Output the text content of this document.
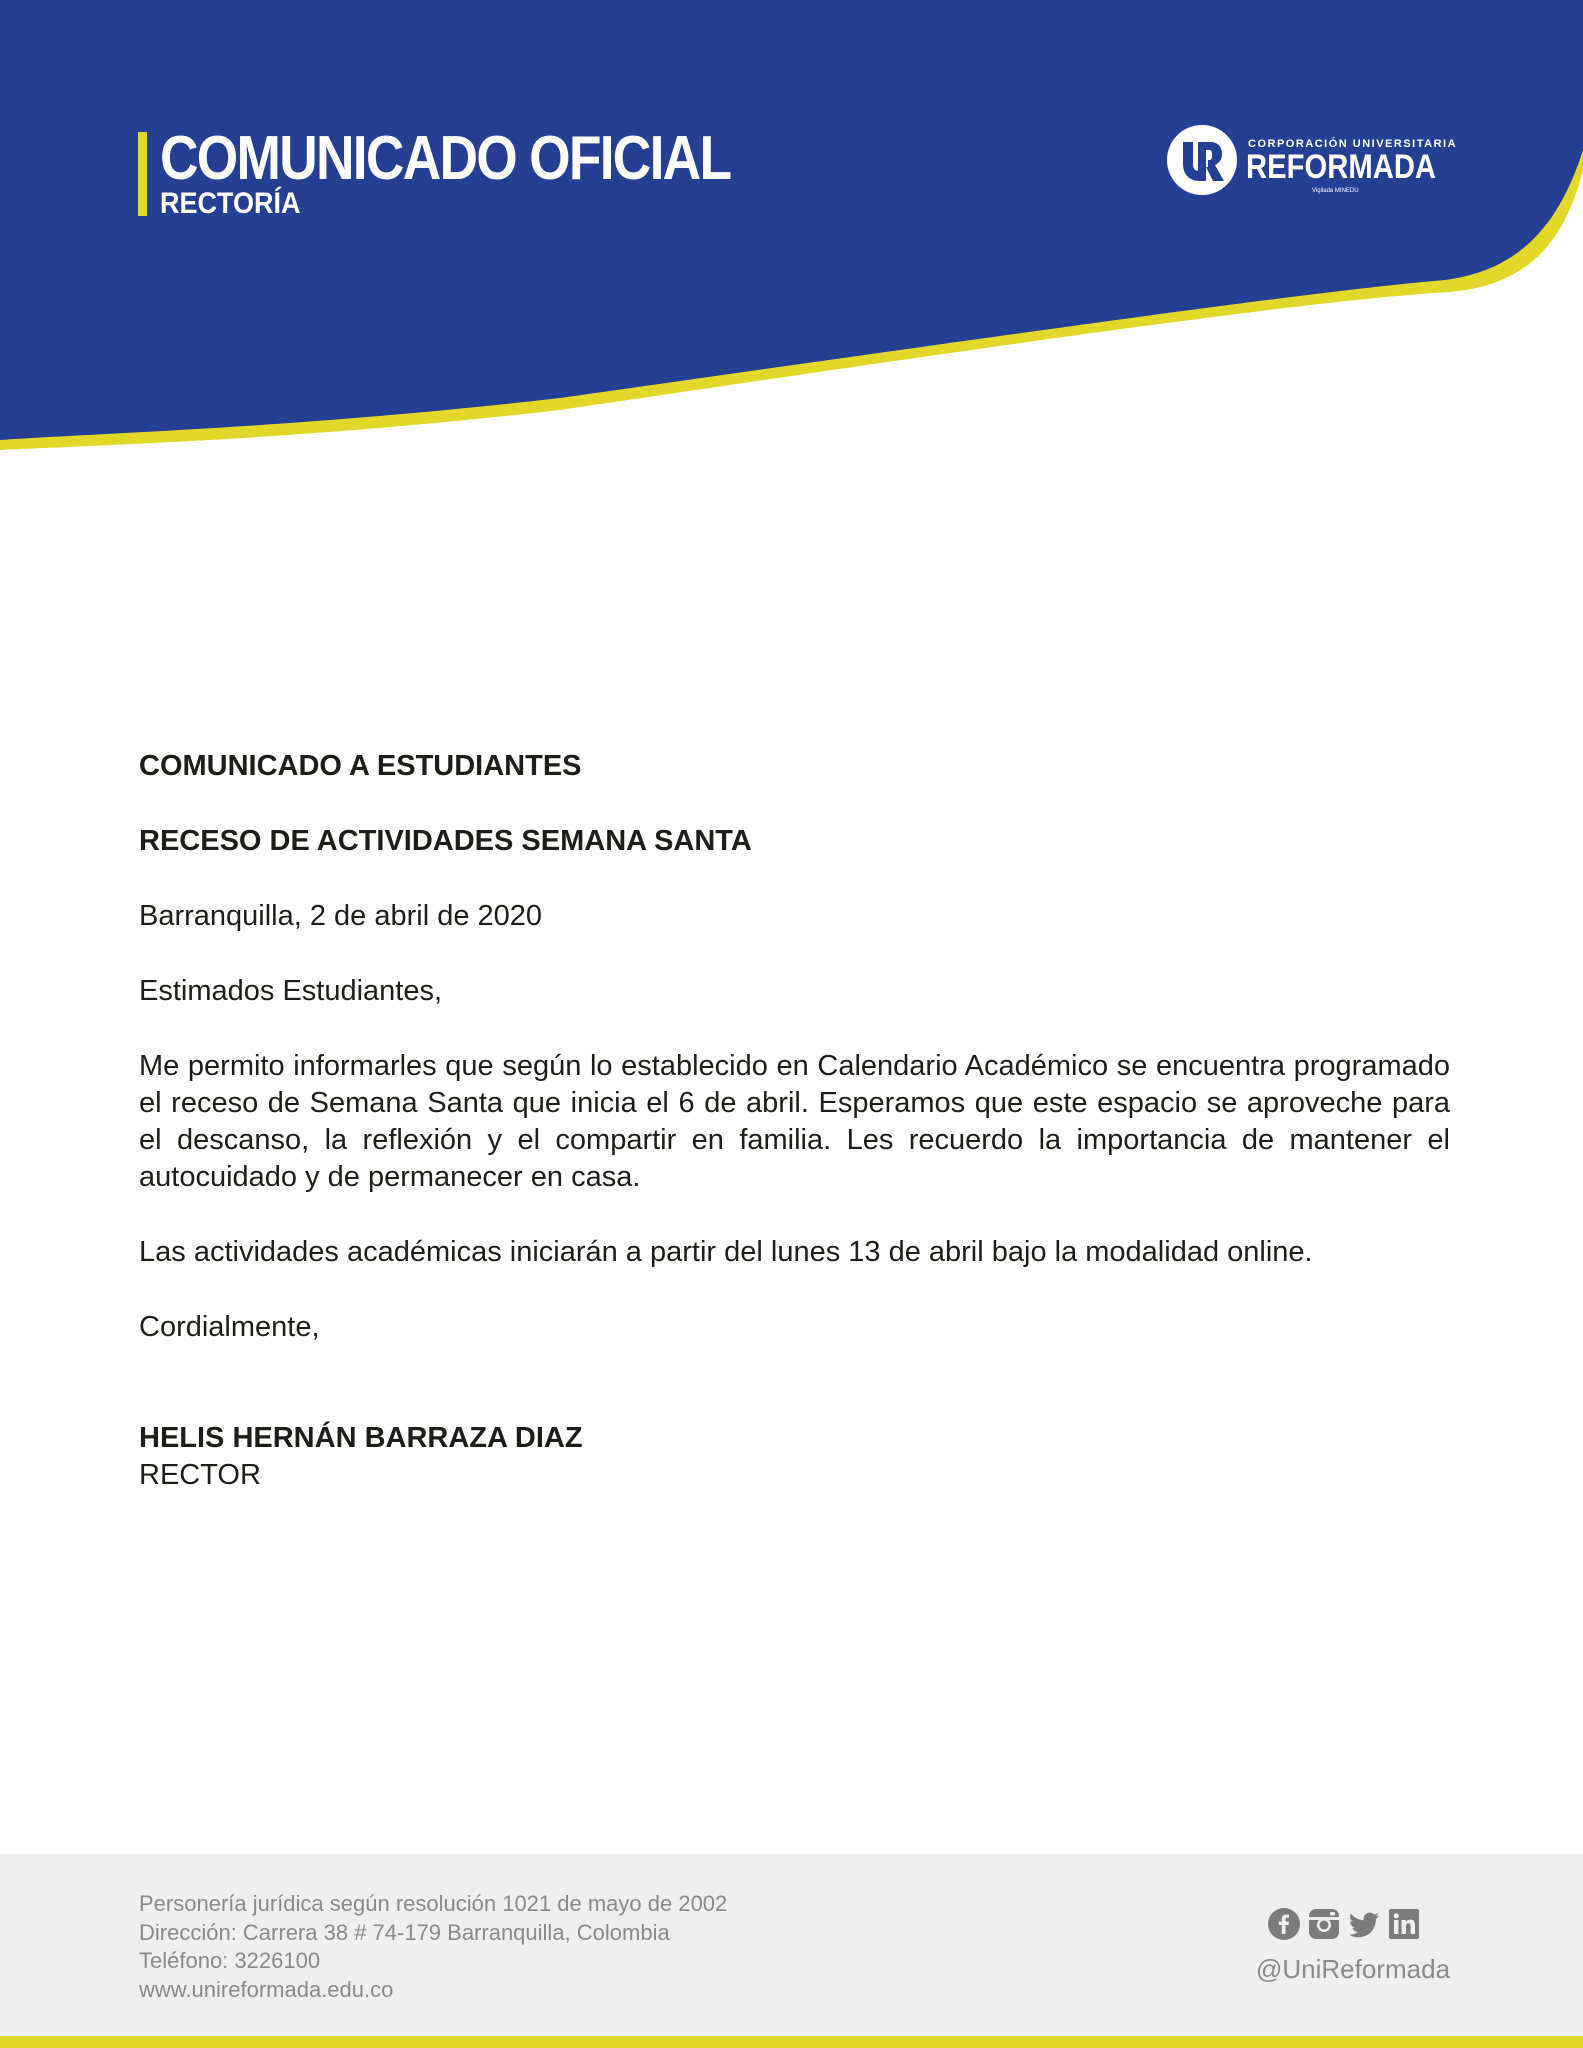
COMUNICADO OFICIAL
RECTORÍA
CORPORACIÓN UNIVERSITARIA
REFORMADA
Vigilada MINEDU
COMUNICADO A ESTUDIANTES
RECESO DE ACTIVIDADES SEMANA SANTA
Barranquilla, 2 de abril de 2020
Estimados Estudiantes,
Me permito informarles que según lo establecido en Calendario Académico se encuentra programado el receso de Semana Santa que inicia el 6 de abril. Esperamos que este espacio se aproveche para el descanso, la reflexión y el compartir en familia. Les recuerdo la importancia de mantener el autocuidado y de permanecer en casa.
Las actividades académicas iniciarán a partir del lunes 13 de abril bajo la modalidad online.
Cordialmente,
HELIS HERNÁN BARRAZA DIAZ
RECTOR
Personería jurídica según resolución 1021 de mayo de 2002
Dirección: Carrera 38 # 74-179 Barranquilla, Colombia
Teléfono: 3226100
www.unireformada.edu.co
@UniReformada
